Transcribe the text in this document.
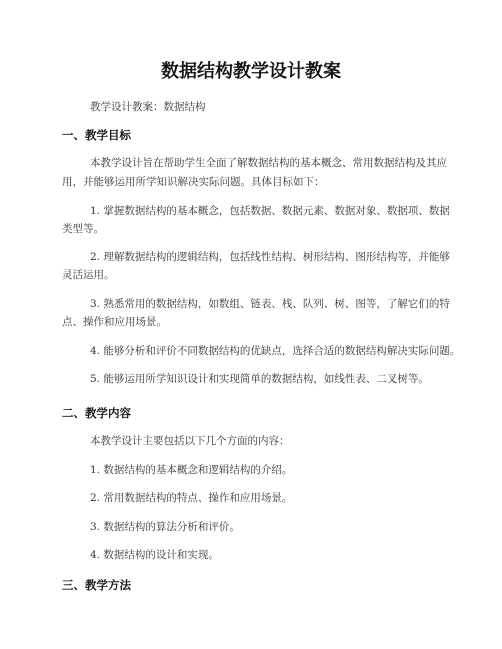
数据结构教学设计教案
教学设计教案：数据结构
一、教学目标
本教学设计旨在帮助学生全面了解数据结构的基本概念、常用数据结构及其应
用，并能够运用所学知识解决实际问题。具体目标如下：
1. 掌握数据结构的基本概念，包括数据、数据元素、数据对象、数据项、数据
类型等。
2. 理解数据结构的逻辑结构，包括线性结构、树形结构、图形结构等，并能够
灵活运用。
3. 熟悉常用的数据结构，如数组、链表、栈、队列、树、图等，了解它们的特
点、操作和应用场景。
4. 能够分析和评价不同数据结构的优缺点，选择合适的数据结构解决实际问题。
5. 能够运用所学知识设计和实现简单的数据结构，如线性表、二叉树等。
二、教学内容
本教学设计主要包括以下几个方面的内容：
1. 数据结构的基本概念和逻辑结构的介绍。
2. 常用数据结构的特点、操作和应用场景。
3. 数据结构的算法分析和评价。
4. 数据结构的设计和实现。
三、教学方法
